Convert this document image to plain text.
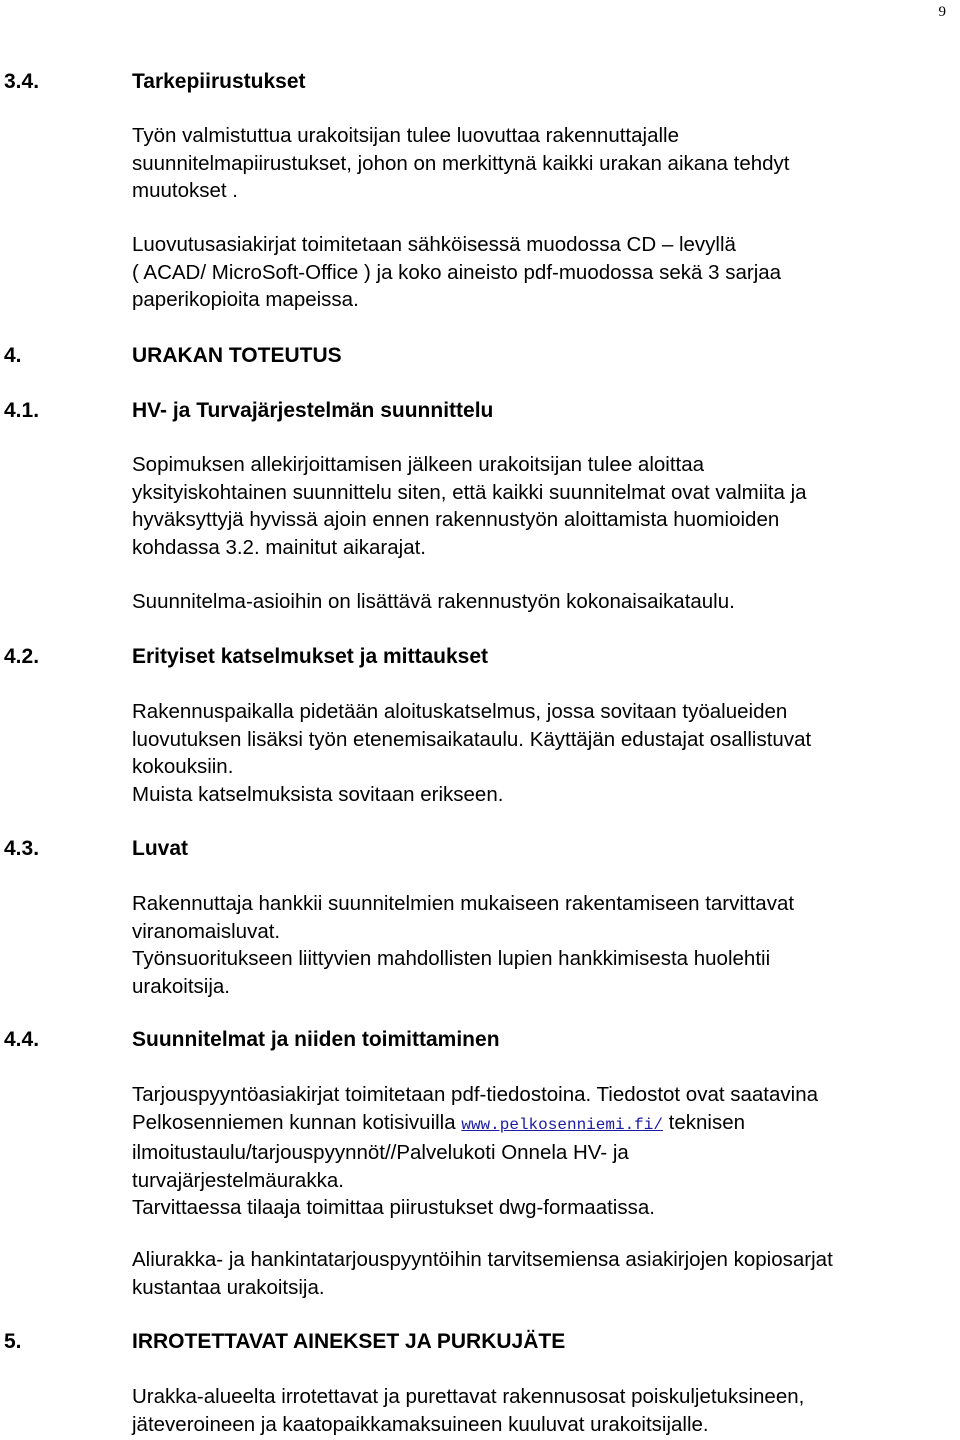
9
3.4.	Tarkepiirustukset
Työn valmistuttua urakoitsijan tulee luovuttaa rakennuttajalle
suunnitelmapiirustukset, johon on merkittynä kaikki urakan aikana tehdyt
muutokset .
Luovutusasiakirjat toimitetaan sähköisessä muodossa CD – levyllä
( ACAD/ MicroSoft-Office ) ja koko aineisto pdf-muodossa sekä 3 sarjaa
paperikopioita mapeissa.
4.	URAKAN TOTEUTUS
4.1.	HV- ja Turvajärjestelmän suunnittelu
Sopimuksen allekirjoittamisen jälkeen urakoitsijan tulee aloittaa
yksityiskohtainen suunnittelu siten, että kaikki suunnitelmat ovat valmiita ja
hyväksyttyjä hyvissä ajoin ennen rakennustyön aloittamista huomioiden
kohdassa 3.2. mainitut aikarajat.
Suunnitelma-asioihin on lisättävä rakennustyön kokonaisaikataulu.
4.2.	Erityiset katselmukset ja mittaukset
Rakennuspaikalla pidetään aloituskatselmus, jossa sovitaan työalueiden
luovutuksen lisäksi työn etenemisaikataulu. Käyttäjän edustajat osallistuvat
kokouksiin.
Muista katselmuksista sovitaan erikseen.
4.3.	Luvat
Rakennuttaja hankkii suunnitelmien mukaiseen rakentamiseen tarvittavat
viranomaisluvat.
Työnsuoritukseen liittyvien mahdollisten lupien hankkimisesta huolehtii
urakoitsija.
4.4.	Suunnitelmat ja niiden toimittaminen
Tarjouspyyntöasiakirjat toimitetaan pdf-tiedostoina. Tiedostot ovat saatavina
Pelkosenniemen kunnan kotisivuilla www.pelkosenniemi.fi/ teknisen
ilmoitustaulu/tarjouspyynnöt//Palvelukoti Onnela HV- ja
turvajärjestelmäurakka.
Tarvittaessa tilaaja toimittaa piirustukset dwg-formaatissa.
Aliurakka- ja hankintatarjouspyyntöihin tarvitsemiensa asiakirjojen kopiosarjat
kustantaa urakoitsija.
5.	IRROTETTAVAT AINEKSET JA PURKUJÄTE
Urakka-alueelta irrotettavat ja purettavat rakennusosat poiskuljetuksineen,
jäteveroineen ja kaatopaikkamaksuineen kuuluvat urakoitsijalle.
